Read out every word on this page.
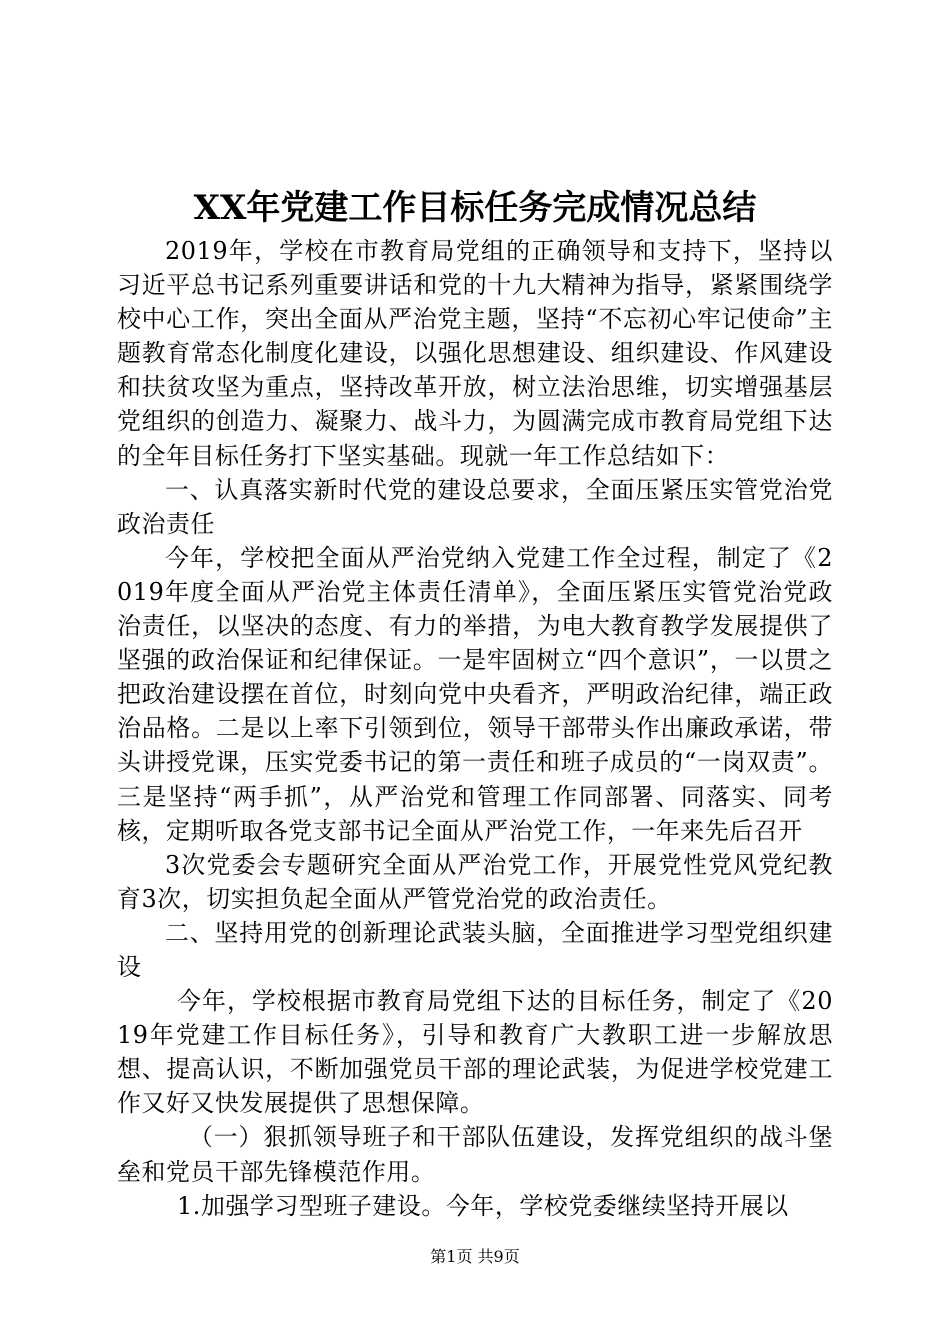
XX年党建工作目标任务完成情况总结

2019年，学校在市教育局党组的正确领导和支持下，坚持以习近平总书记系列重要讲话和党的十九大精神为指导，紧紧围绕学校中心工作，突出全面从严治党主题，坚持“不忘初心牢记使命”主题教育常态化制度化建设，以强化思想建设、组织建设、作风建设和扶贫攻坚为重点，坚持改革开放，树立法治思维，切实增强基层党组织的创造力、凝聚力、战斗力，为圆满完成市教育局党组下达的全年目标任务打下坚实基础。现就一年工作总结如下：

一、认真落实新时代党的建设总要求，全面压紧压实管党治党政治责任

今年，学校把全面从严治党纳入党建工作全过程，制定了《2019年度全面从严治党主体责任清单》，全面压紧压实管党治党政治责任，以坚决的态度、有力的举措，为电大教育教学发展提供了坚强的政治保证和纪律保证。一是牢固树立“四个意识”，一以贯之把政治建设摆在首位，时刻向党中央看齐，严明政治纪律，端正政治品格。二是以上率下引领到位，领导干部带头作出廉政承诺，带头讲授党课，压实党委书记的第一责任和班子成员的“一岗双责”。三是坚持“两手抓”，从严治党和管理工作同部署、同落实、同考核，定期听取各党支部书记全面从严治党工作，一年来先后召开

3次党委会专题研究全面从严治党工作，开展党性党风党纪教育3次，切实担负起全面从严管党治党的政治责任。

二、坚持用党的创新理论武装头脑，全面推进学习型党组织建设

今年，学校根据市教育局党组下达的目标任务，制定了《2019年党建工作目标任务》，引导和教育广大教职工进一步解放思想、提高认识，不断加强党员干部的理论武装，为促进学校党建工作又好又快发展提供了思想保障。

（一）狠抓领导班子和干部队伍建设，发挥党组织的战斗堡垒和党员干部先锋模范作用。

1.加强学习型班子建设。今年，学校党委继续坚持开展以

第1页 共9页
